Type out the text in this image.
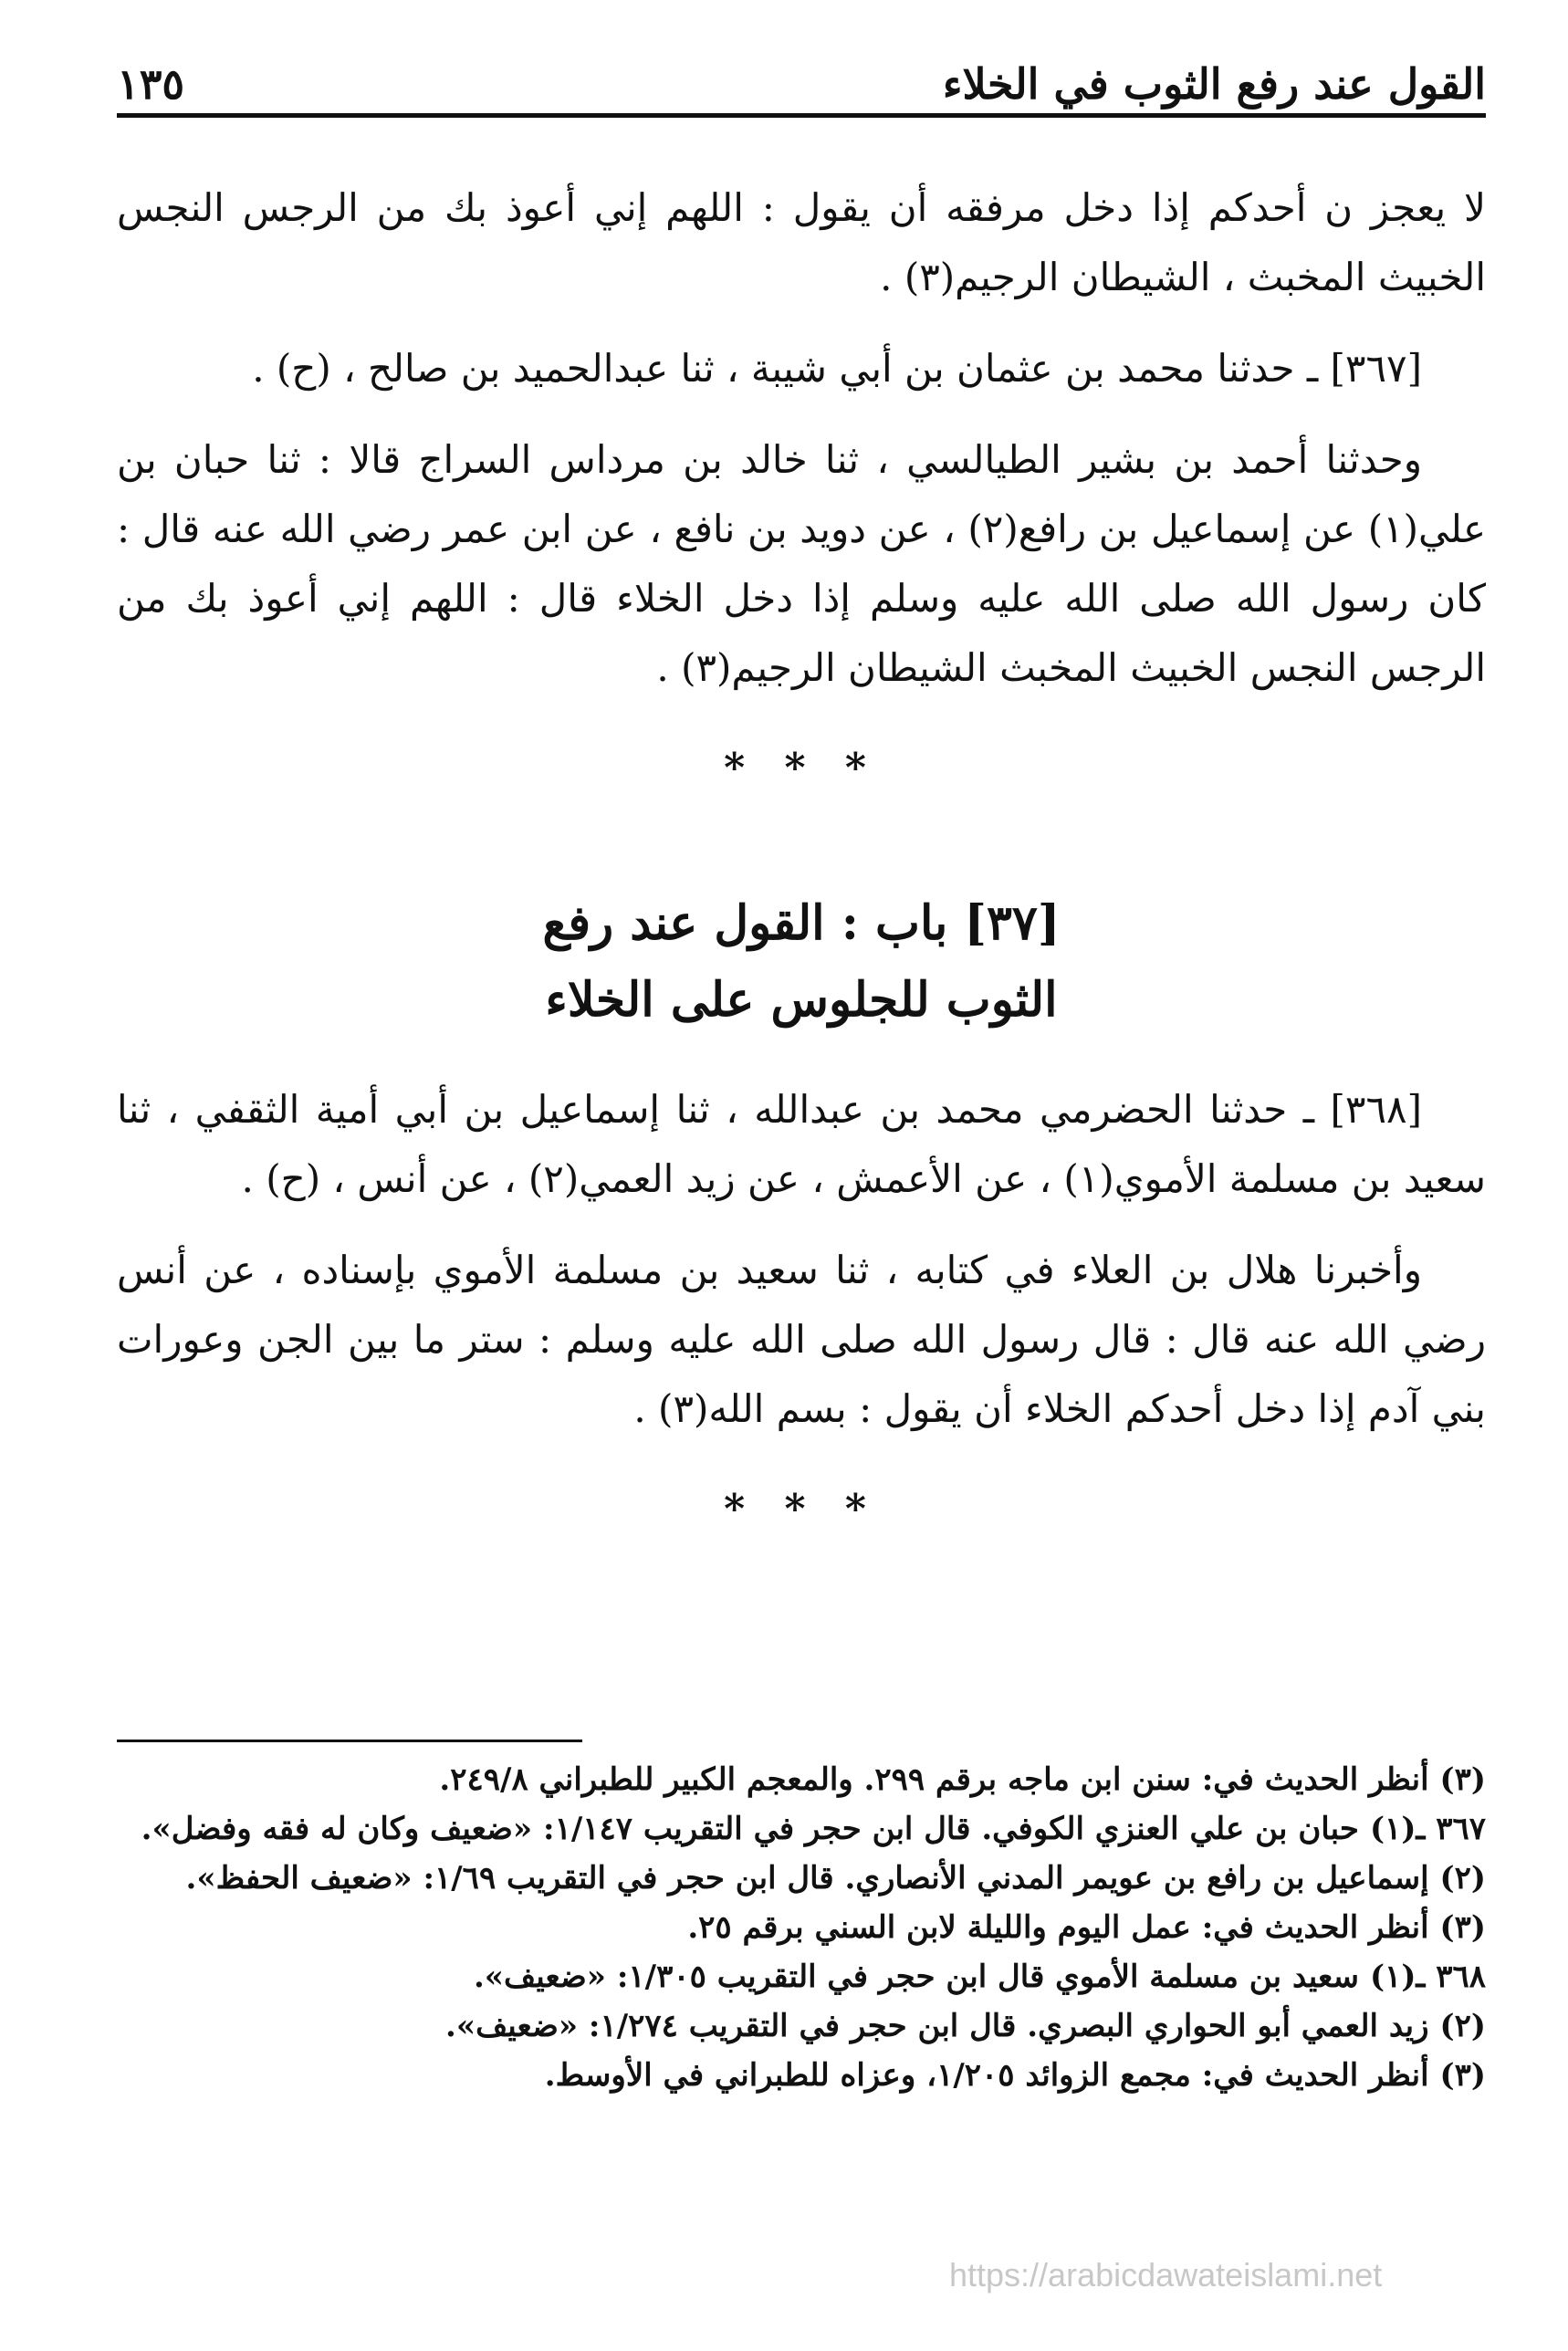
القول عند رفع الثوب في الخلاء
١٣٥

لا يعجز ن أحدكم إذا دخل مرفقه أن يقول : اللهم إني أعوذ بك من الرجس النجس الخبيث المخبث ، الشيطان الرجيم(٣) .

[٣٦٧] ـ حدثنا محمد بن عثمان بن أبي شيبة ، ثنا عبدالحميد بن صالح ، (ح) .

وحدثنا أحمد بن بشير الطيالسي ، ثنا خالد بن مرداس السراج قالا : ثنا حبان بن علي(١) عن إسماعيل بن رافع(٢) ، عن دويد بن نافع ، عن ابن عمر رضي الله عنه قال : كان رسول الله صلى الله عليه وسلم إذا دخل الخلاء قال : اللهم إني أعوذ بك من الرجس النجس الخبيث المخبث الشيطان الرجيم(٣) .

* * *
[٣٧] باب : القول عند رفع
الثوب للجلوس على الخلاء

[٣٦٨] ـ حدثنا الحضرمي محمد بن عبدالله ، ثنا إسماعيل بن أبي أمية الثقفي ، ثنا سعيد بن مسلمة الأموي(١) ، عن الأعمش ، عن زيد العمي(٢) ، عن أنس ، (ح) .

وأخبرنا هلال بن العلاء في كتابه ، ثنا سعيد بن مسلمة الأموي بإسناده ، عن أنس رضي الله عنه قال : قال رسول الله صلى الله عليه وسلم : ستر ما بين الجن وعورات بني آدم إذا دخل أحدكم الخلاء أن يقول : بسم الله(٣) .

* * *
(٣)
أنظر الحديث في: سنن ابن ماجه برقم ٢٩٩. والمعجم الكبير للطبراني ٢٤٩/٨.
٣٦٧ ـ(١)
حبان بن علي العنزي الكوفي. قال ابن حجر في التقريب ١/١٤٧: «ضعيف وكان له فقه وفضل».
(٢)
إسماعيل بن رافع بن عويمر المدني الأنصاري. قال ابن حجر في التقريب ١/٦٩: «ضعيف الحفظ».
(٣)
أنظر الحديث في: عمل اليوم والليلة لابن السني برقم ٢٥.
٣٦٨ ـ(١)
سعيد بن مسلمة الأموي قال ابن حجر في التقريب ١/٣٠٥: «ضعيف».
(٢)
زيد العمي أبو الحواري البصري. قال ابن حجر في التقريب ١/٢٧٤: «ضعيف».
(٣)
أنظر الحديث في: مجمع الزوائد ١/٢٠٥، وعزاه للطبراني في الأوسط.
https://arabicdawateislami.net
